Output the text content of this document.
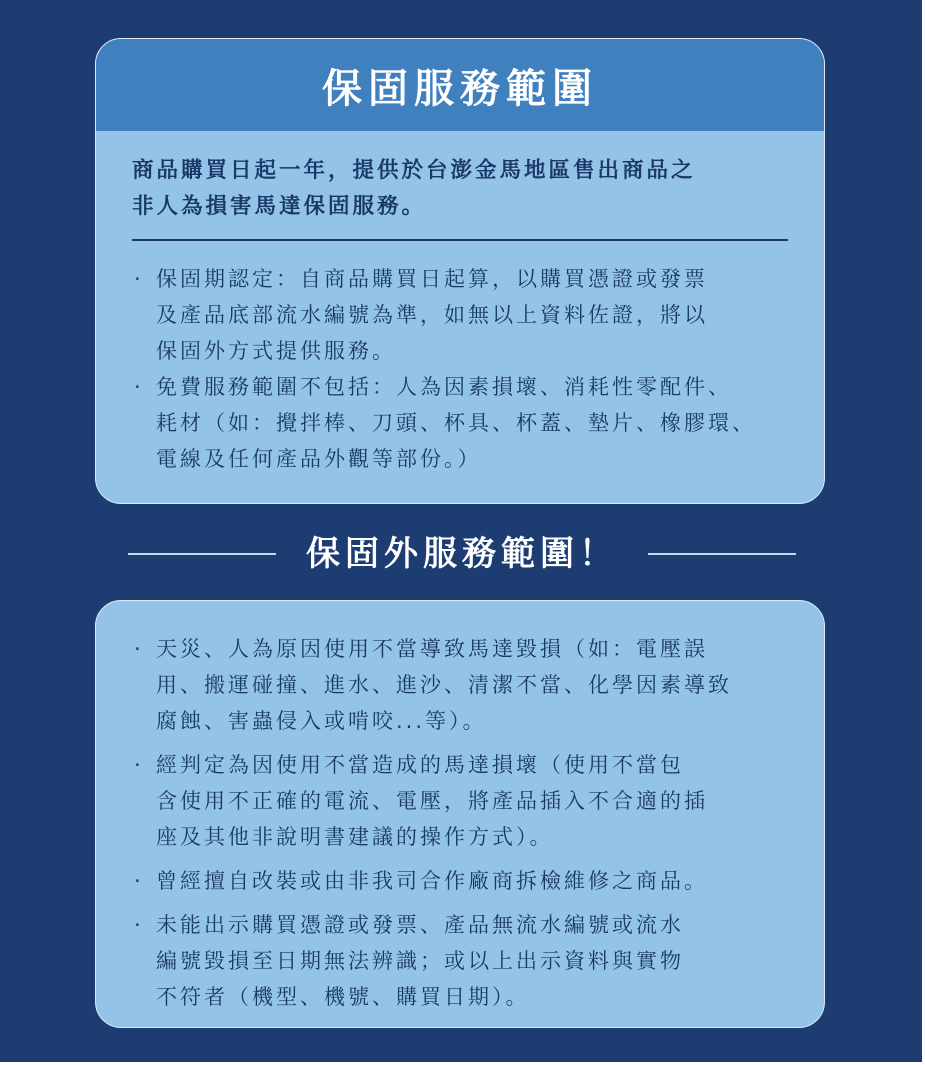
保固服務範圍

商品購買日起一年，提供於台澎金馬地區售出商品之

非人為損害馬達保固服務。

· 保固期認定：自商品購買日起算，以購買憑證或發票
及產品底部流水編號為準，如無以上資料佐證，將以
保固外方式提供服務。
· 免費服務範圍不包括：人為因素損壞、消耗性零配件、
耗材（如：攪拌棒、刀頭、杯具、杯蓋、墊片、橡膠環、
電線及任何產品外觀等部份。）
保固外服務範圍！
· 天災、人為原因使用不當導致馬達毀損（如：電壓誤
用、搬運碰撞、進水、進沙、清潔不當、化學因素導致
腐蝕、害蟲侵入或啃咬...等）。
· 經判定為因使用不當造成的馬達損壞（使用不當包
含使用不正確的電流、電壓，將產品插入不合適的插
座及其他非說明書建議的操作方式）。
· 曾經擅自改裝或由非我司合作廠商拆檢維修之商品。
· 未能出示購買憑證或發票、產品無流水編號或流水
編號毀損至日期無法辨識；或以上出示資料與實物
不符者（機型、機號、購買日期）。
